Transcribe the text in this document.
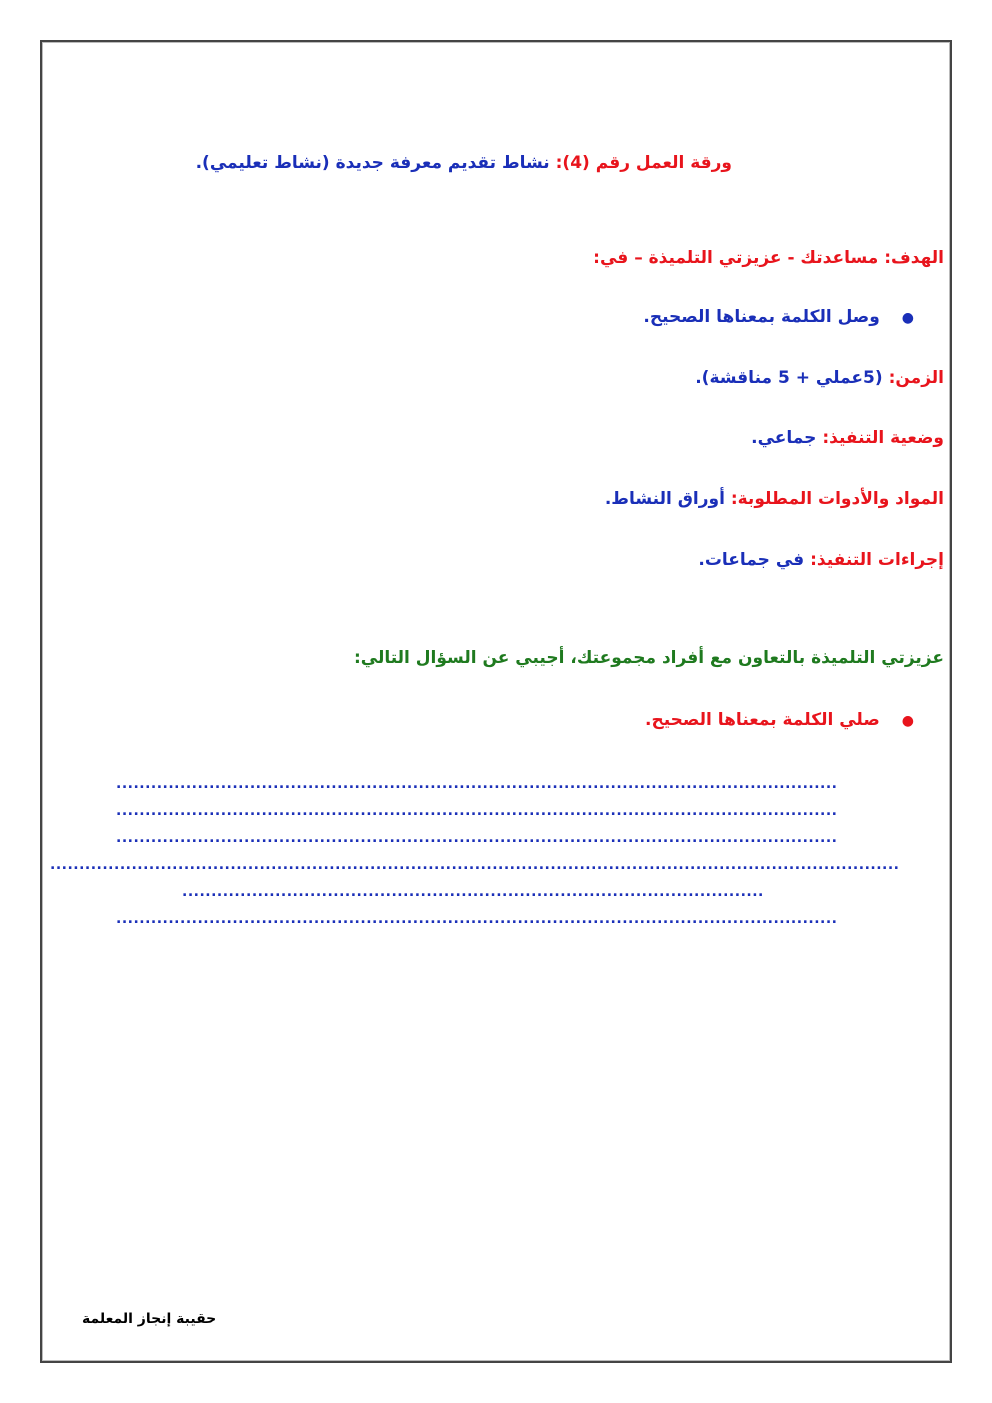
ورقة العمل رقم (4): نشاط تقديم معرفة جديدة (نشاط تعليمي).
الهدف: مساعدتك - عزيزتي التلميذة – في:
●وصل الكلمة بمعناها الصحيح.
الزمن: (5عملي + 5 مناقشة).
وضعية التنفيذ: جماعي.
المواد والأدوات المطلوبة: أوراق النشاط.
إجراءات التنفيذ: في جماعات.
عزيزتي التلميذة بالتعاون مع أفراد مجموعتك، أجيبي عن السؤال التالي:
●صلي الكلمة بمعناها الصحيح.
............................................................................................................................
............................................................................................................................
............................................................................................................................
..................................................................................................................................................
....................................................................................................
............................................................................................................................
حقيبة إنجاز المعلمة
